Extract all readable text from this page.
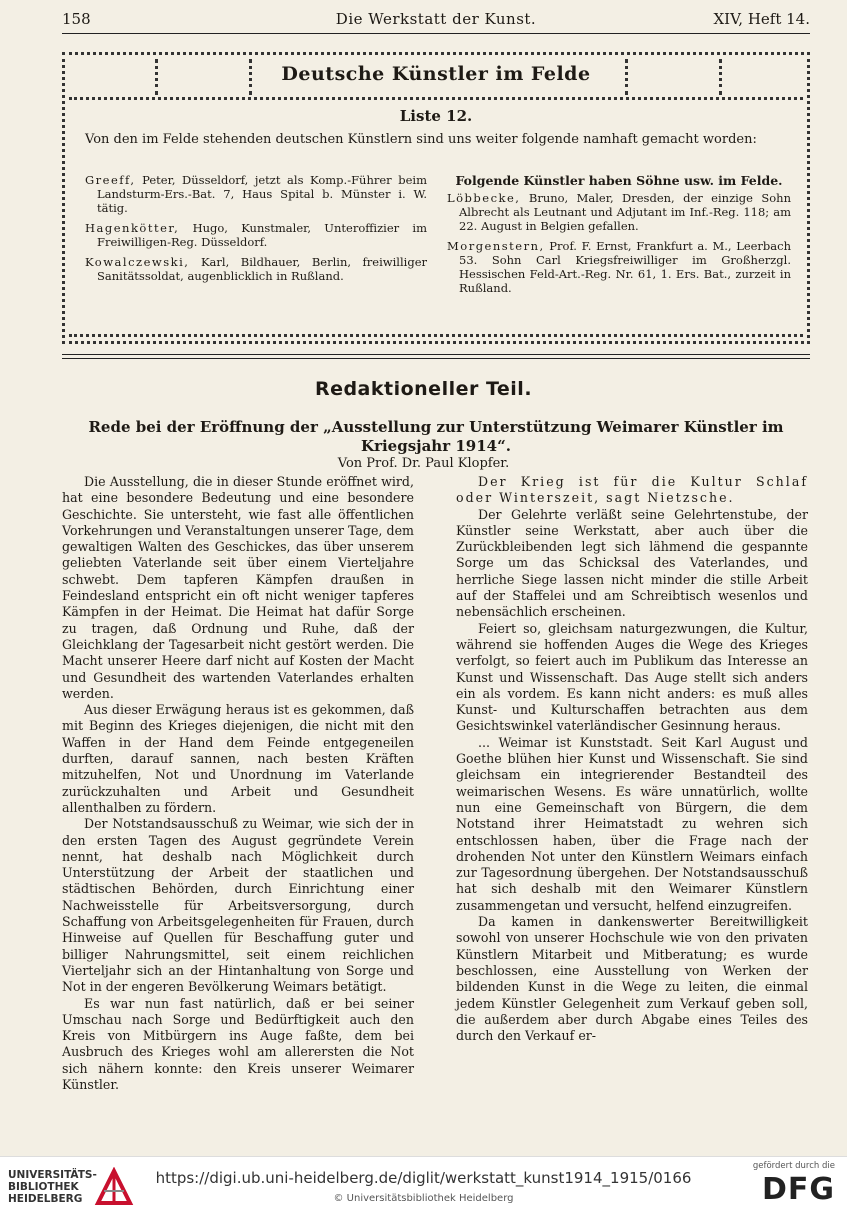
158	Die Werkstatt der Kunst.	XIV, Heft 14.
Deutsche Künstler im Felde
Liste 12.
Von den im Felde stehenden deutschen Künstlern sind uns weiter folgende namhaft gemacht worden:

Greeff, Peter, Düsseldorf, jetzt als Komp.-Führer beim Landsturm-Ers.-Bat. 7, Haus Spital b. Münster i. W. tätig.

Hagenkötter, Hugo, Kunstmaler, Unteroffizier im Freiwilligen-Reg. Düsseldorf.

Kowalczewski, Karl, Bildhauer, Berlin, freiwilliger Sanitätssoldat, augenblicklich in Rußland.

Folgende Künstler haben Söhne usw. im Felde.

Löbbecke, Bruno, Maler, Dresden, der einzige Sohn Albrecht als Leutnant und Adjutant im Inf.-Reg. 118; am 22. August in Belgien gefallen.

Morgenstern, Prof. F. Ernst, Frankfurt a. M., Leerbach 53. Sohn Carl Kriegsfreiwilliger im Großherzgl. Hessischen Feld-Art.-Reg. Nr. 61, 1. Ers. Bat., zurzeit in Rußland.

Redaktioneller Teil.
Rede bei der Eröffnung der „Ausstellung zur Unterstützung Weimarer Künstler im Kriegsjahr 1914“.
Von Prof. Dr. Paul Klopfer.

Die Ausstellung, die in dieser Stunde eröffnet wird, hat eine besondere Bedeutung und eine besondere Geschichte. Sie untersteht, wie fast alle öffentlichen Vorkehrungen und Veranstaltungen unserer Tage, dem gewaltigen Walten des Geschickes, das über unserem geliebten Vaterlande seit über einem Vierteljahre schwebt. Dem tapferen Kämpfen draußen in Feindesland entspricht ein oft nicht weniger tapferes Kämpfen in der Heimat. Die Heimat hat dafür Sorge zu tragen, daß Ordnung und Ruhe, daß der Gleichklang der Tagesarbeit nicht gestört werden. Die Macht unserer Heere darf nicht auf Kosten der Macht und Gesundheit des wartenden Vaterlandes erhalten werden.

Aus dieser Erwägung heraus ist es gekommen, daß mit Beginn des Krieges diejenigen, die nicht mit den Waffen in der Hand dem Feinde entgegeneilen durften, darauf sannen, nach besten Kräften mitzuhelfen, Not und Unordnung im Vaterlande zurückzuhalten und Arbeit und Gesundheit allenthalben zu fördern.

Der Notstandsausschuß zu Weimar, wie sich der in den ersten Tagen des August gegründete Verein nennt, hat deshalb nach Möglichkeit durch Unterstützung der Arbeit der staatlichen und städtischen Behörden, durch Einrichtung einer Nachweisstelle für Arbeitsversorgung, durch Schaffung von Arbeitsgelegenheiten für Frauen, durch Hinweise auf Quellen für Beschaffung guter und billiger Nahrungsmittel, seit einem reichlichen Vierteljahr sich an der Hintanhaltung von Sorge und Not in der engeren Bevölkerung Weimars betätigt.

Es war nun fast natürlich, daß er bei seiner Umschau nach Sorge und Bedürftigkeit auch den Kreis von Mitbürgern ins Auge faßte, dem bei Ausbruch des Krieges wohl am allerersten die Not sich nähern konnte: den Kreis unserer Weimarer Künstler.

Der Krieg ist für die Kultur Schlaf oder Winterszeit, sagt Nietzsche.

Der Gelehrte verläßt seine Gelehrtenstube, der Künstler seine Werkstatt, aber auch über die Zurückbleibenden legt sich lähmend die gespannte Sorge um das Schicksal des Vaterlandes, und herrliche Siege lassen nicht minder die stille Arbeit auf der Staffelei und am Schreibtisch wesenlos und nebensächlich erscheinen.

Feiert so, gleichsam naturgezwungen, die Kultur, während sie hoffenden Auges die Wege des Krieges verfolgt, so feiert auch im Publikum das Interesse an Kunst und Wissenschaft. Das Auge stellt sich anders ein als vordem. Es kann nicht anders: es muß alles Kunst- und Kulturschaffen betrachten aus dem Gesichtswinkel vaterländischer Gesinnung heraus.

... Weimar ist Kunststadt. Seit Karl August und Goethe blühen hier Kunst und Wissenschaft. Sie sind gleichsam ein integrierender Bestandteil des weimarischen Wesens. Es wäre unnatürlich, wollte nun eine Gemeinschaft von Bürgern, die dem Notstand ihrer Heimatstadt zu wehren sich entschlossen haben, über die Frage nach der drohenden Not unter den Künstlern Weimars einfach zur Tagesordnung übergehen. Der Notstandsausschuß hat sich deshalb mit den Weimarer Künstlern zusammengetan und versucht, helfend einzugreifen.

Da kamen in dankenswerter Bereitwilligkeit sowohl von unserer Hochschule wie von den privaten Künstlern Mitarbeit und Mitberatung; es wurde beschlossen, eine Ausstellung von Werken der bildenden Kunst in die Wege zu leiten, die einmal jedem Künstler Gelegenheit zum Verkauf geben soll, die außerdem aber durch Abgabe eines Teiles des durch den Verkauf er-

UNIVERSITÄTS-
BIBLIOTHEK
HEIDELBERG
https://digi.ub.uni-heidelberg.de/diglit/werkstatt_kunst1914_1915/0166
© Universitätsbibliothek Heidelberg
gefördert durch die
DFG
